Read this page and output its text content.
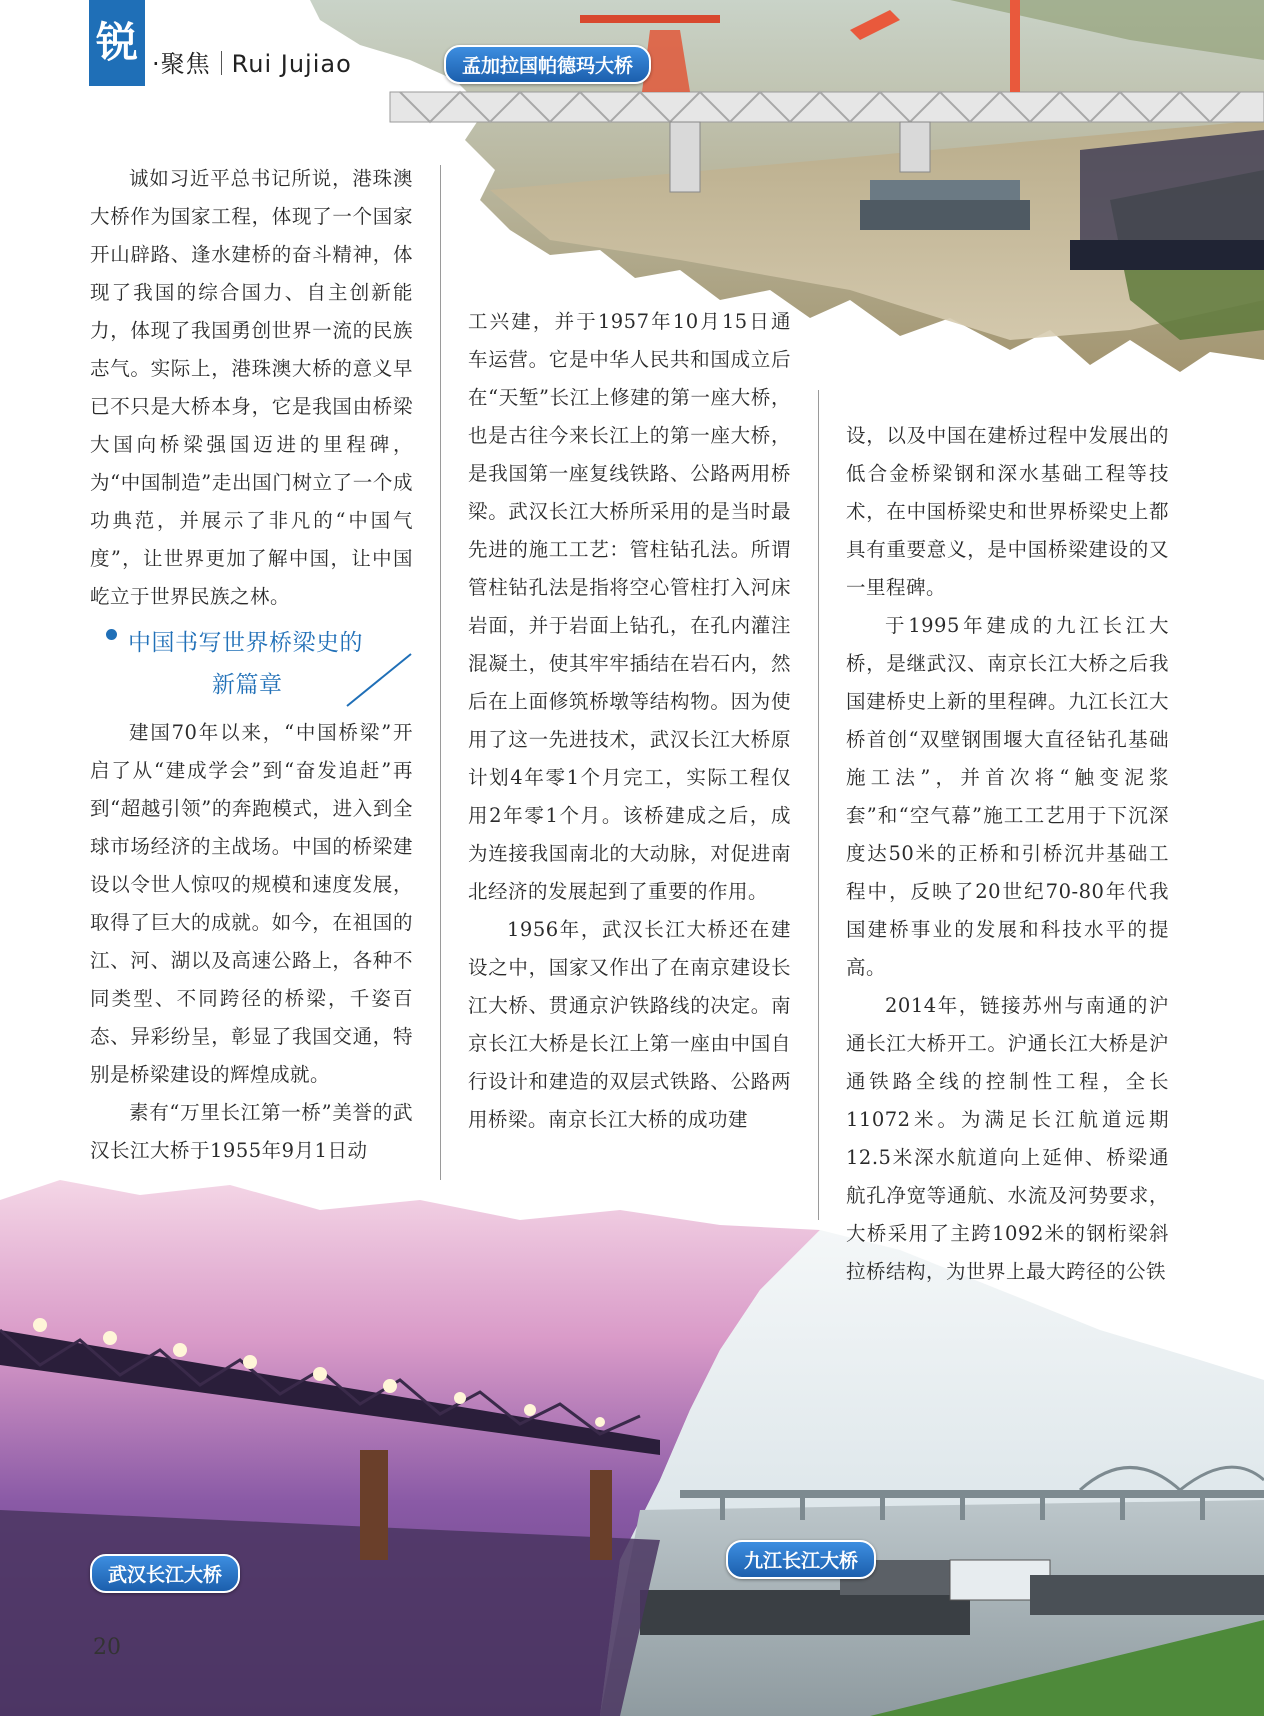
锐 ·聚焦 Rui Jujiao	孟加拉国帕德玛大桥
武汉长江大桥
九江长江大桥

诚如习近平总书记所说，港珠澳大桥作为国家工程，体现了一个国家开山辟路、逢水建桥的奋斗精神，体现了我国的综合国力、自主创新能力，体现了我国勇创世界一流的民族志气。实际上，港珠澳大桥的意义早已不只是大桥本身，它是我国由桥梁大国向桥梁强国迈进的里程碑，为“中国制造”走出国门树立了一个成功典范，并展示了非凡的“中国气度”，让世界更加了解中国，让中国屹立于世界民族之林。

中国书写世界桥梁史的
新篇章

建国70年以来，“中国桥梁”开启了从“建成学会”到“奋发追赶”再到“超越引领”的奔跑模式，进入到全球市场经济的主战场。中国的桥梁建设以令世人惊叹的规模和速度发展，取得了巨大的成就。如今，在祖国的江、河、湖以及高速公路上，各种不同类型、不同跨径的桥梁，千姿百态、异彩纷呈，彰显了我国交通，特别是桥梁建设的辉煌成就。

素有“万里长江第一桥”美誉的武汉长江大桥于1955年9月1日动

工兴建，并于1957年10月15日通车运营。它是中华人民共和国成立后在“天堑”长江上修建的第一座大桥，也是古往今来长江上的第一座大桥，是我国第一座复线铁路、公路两用桥梁。武汉长江大桥所采用的是当时最先进的施工工艺：管柱钻孔法。所谓管柱钻孔法是指将空心管柱打入河床岩面，并于岩面上钻孔，在孔内灌注混凝土，使其牢牢插结在岩石内，然后在上面修筑桥墩等结构物。因为使用了这一先进技术，武汉长江大桥原计划4年零1个月完工，实际工程仅用2年零1个月。该桥建成之后，成为连接我国南北的大动脉，对促进南北经济的发展起到了重要的作用。

1956年，武汉长江大桥还在建设之中，国家又作出了在南京建设长江大桥、贯通京沪铁路线的决定。南京长江大桥是长江上第一座由中国自行设计和建造的双层式铁路、公路两用桥梁。南京长江大桥的成功建

设，以及中国在建桥过程中发展出的低合金桥梁钢和深水基础工程等技术，在中国桥梁史和世界桥梁史上都具有重要意义，是中国桥梁建设的又一里程碑。

于1995年建成的九江长江大桥，是继武汉、南京长江大桥之后我国建桥史上新的里程碑。九江长江大桥首创“双壁钢围堰大直径钻孔基础施工法”，并首次将“触变泥浆套”和“空气幕”施工工艺用于下沉深度达50米的正桥和引桥沉井基础工程中，反映了20世纪70-80年代我国建桥事业的发展和科技水平的提高。

2014年，链接苏州与南通的沪通长江大桥开工。沪通长江大桥是沪通铁路全线的控制性工程，全长11072米。为满足长江航道远期12.5米深水航道向上延伸、桥梁通航孔净宽等通航、水流及河势要求，大桥采用了主跨1092米的钢桁梁斜拉桥结构，为世界上最大跨径的公铁

20
